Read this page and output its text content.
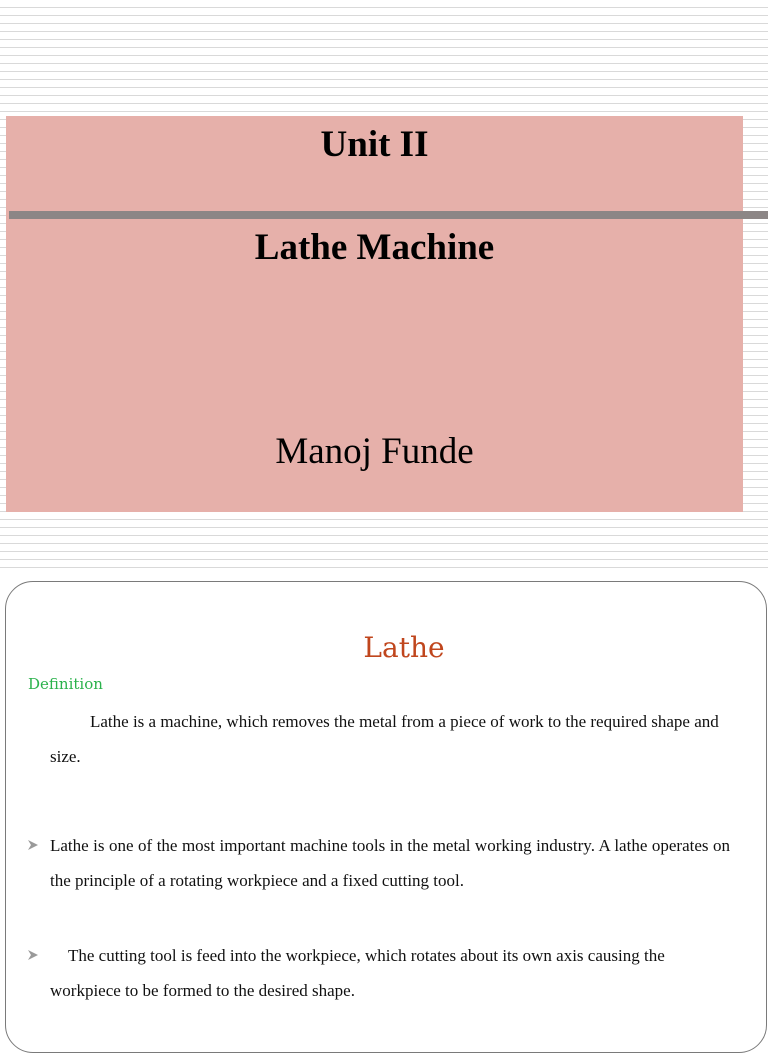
Unit II
Lathe Machine

Manoj Funde

Lathe

Definition

Lathe is a machine, which removes the metal from a piece of work to the required shape and size.

Lathe is one of the most important machine tools in the metal working industry. A lathe operates on the principle of a rotating workpiece and a fixed cutting tool.

The cutting tool is feed into the workpiece, which rotates about its own axis causing the workpiece to be formed to the desired shape.
